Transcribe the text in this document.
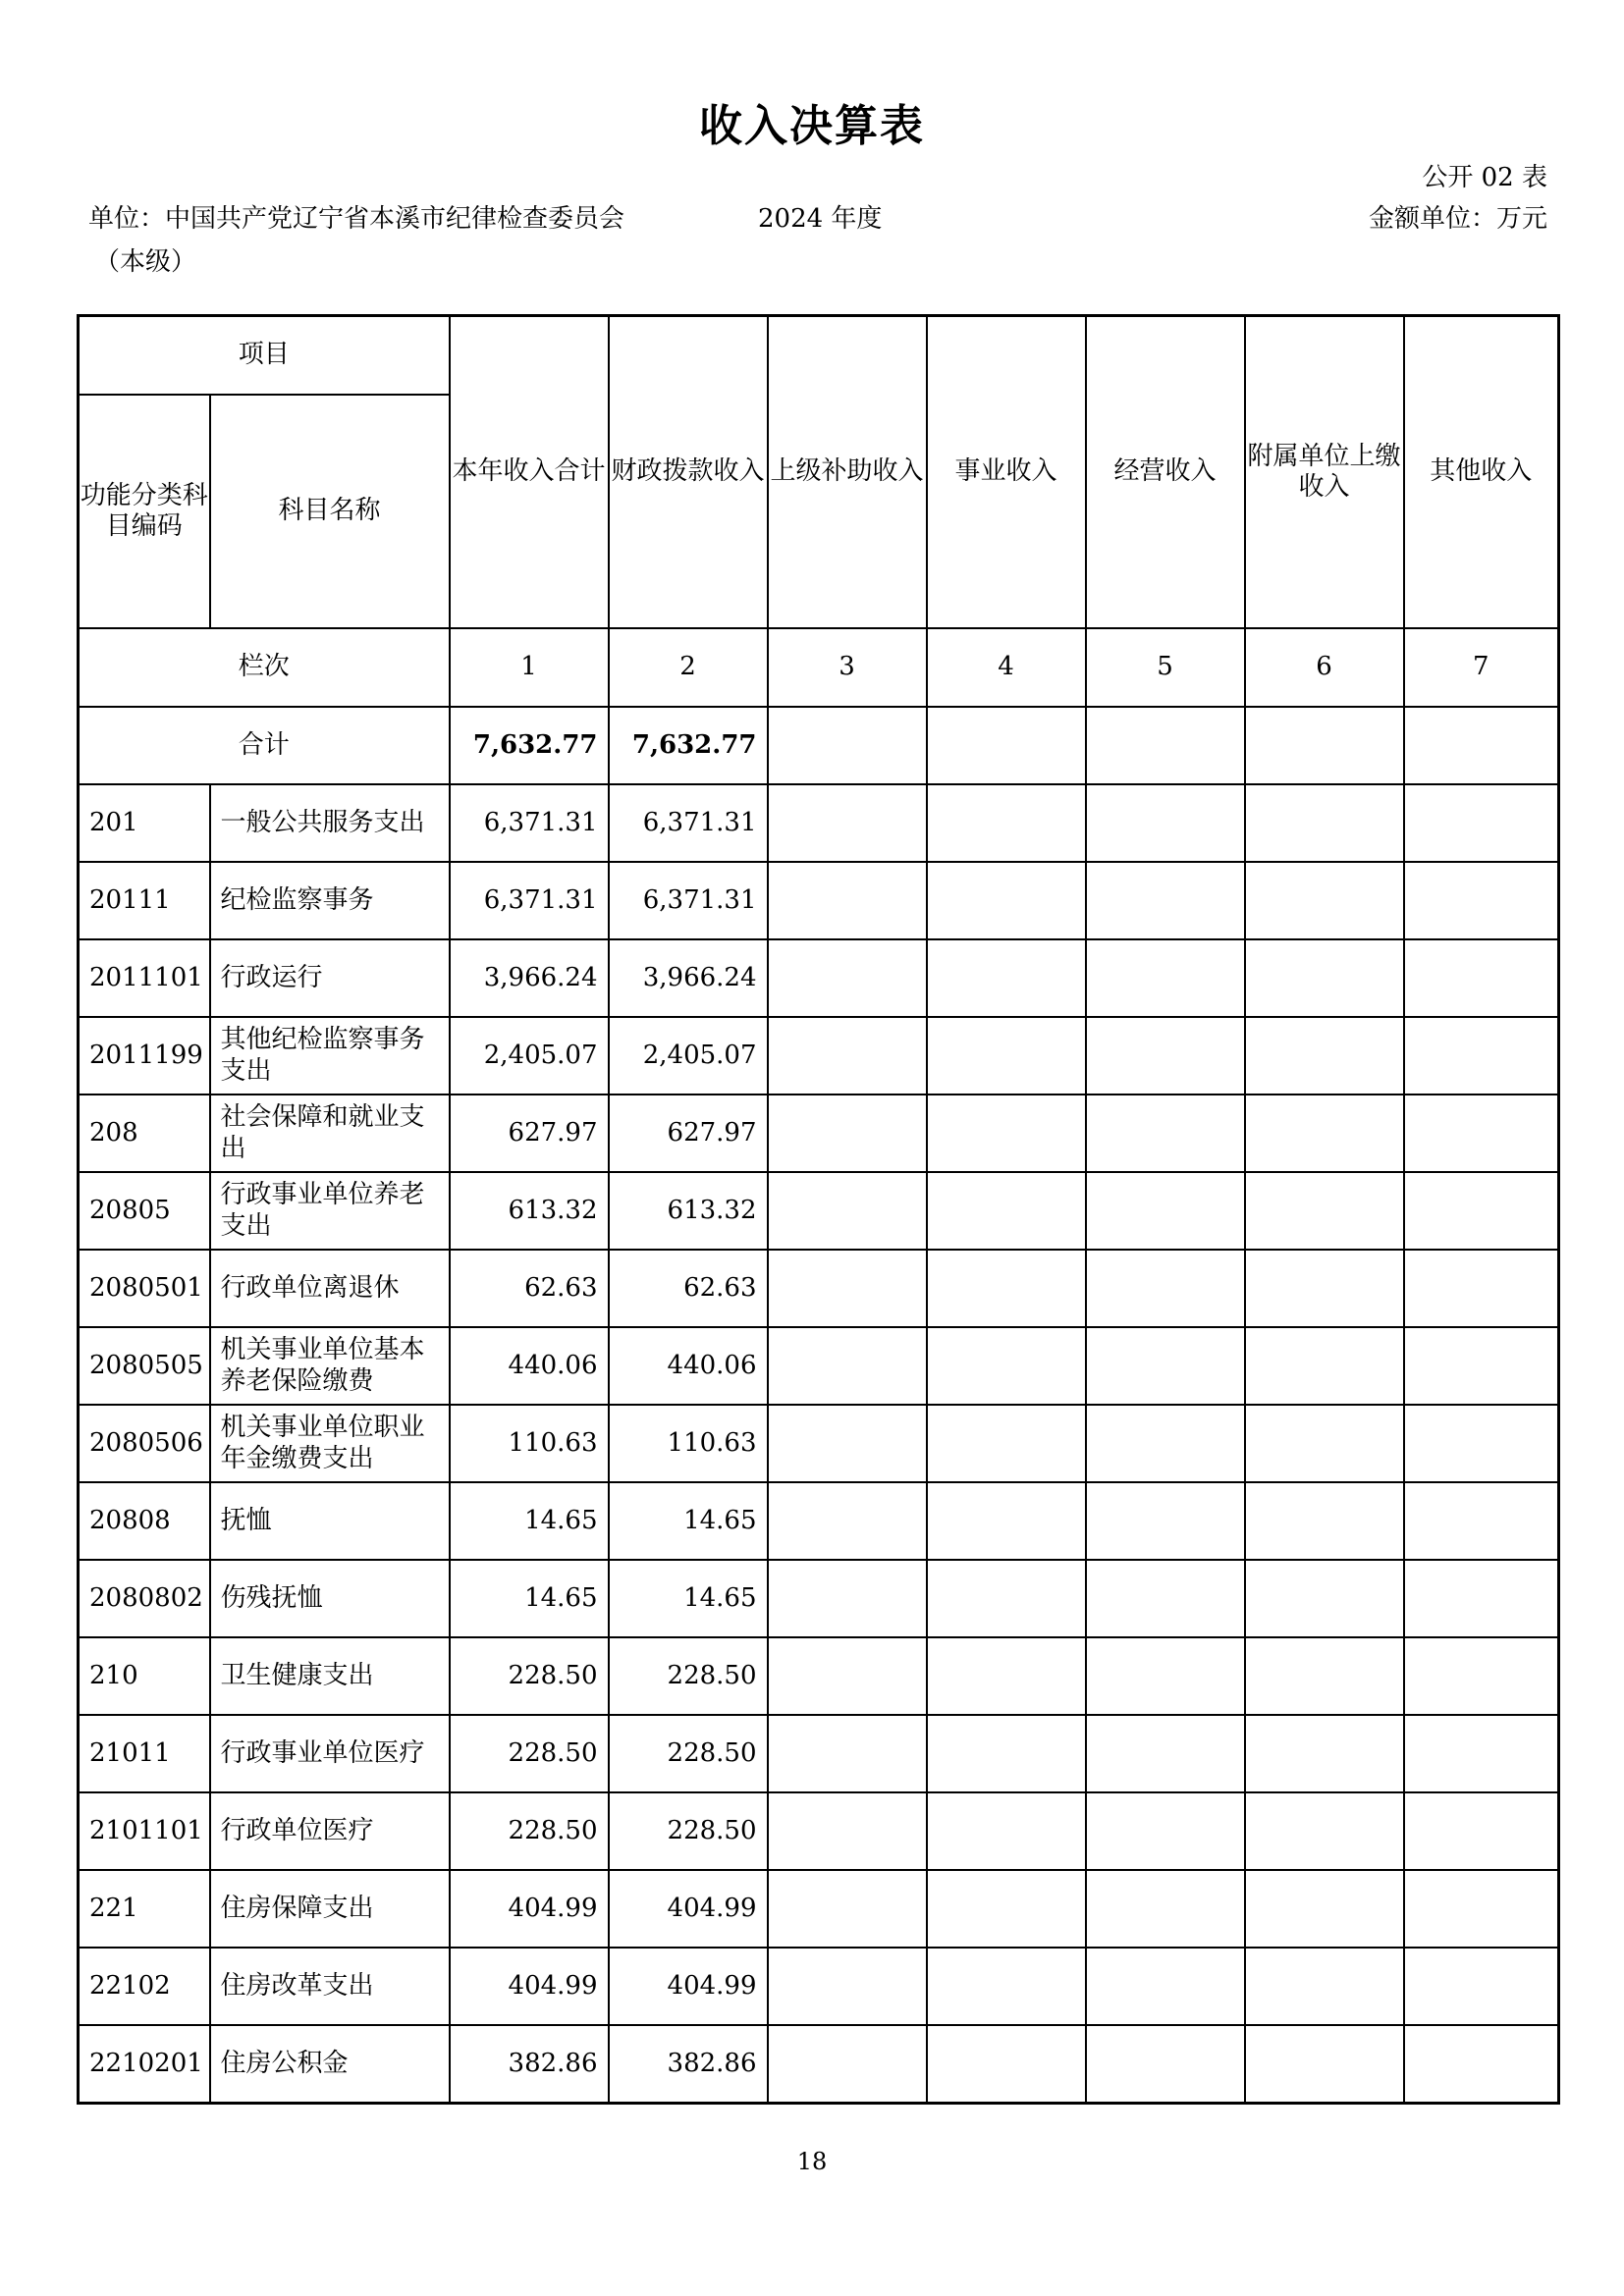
收入决算表
公开 02 表
单位：中国共产党辽宁省本溪市纪律检查委员会
（本级）
2024 年度	金额单位：万元
项目		本年收入合计	财政拨款收入	上级补助收入	事业收入	经营收入	附属单位上缴收入	其他收入
功能分类科目编码	科目名称							
栏次		1	2	3	4	5	6	7
合计		7,632.77	7,632.77					
201	一般公共服务支出	6,371.31	6,371.31					
20111	纪检监察事务	6,371.31	6,371.31					
2011101	行政运行	3,966.24	3,966.24					
2011199	其他纪检监察事务支出	2,405.07	2,405.07					
208	社会保障和就业支出	627.97	627.97					
20805	行政事业单位养老支出	613.32	613.32					
2080501	行政单位离退休	62.63	62.63					
2080505	机关事业单位基本养老保险缴费	440.06	440.06					
2080506	机关事业单位职业年金缴费支出	110.63	110.63					
20808	抚恤	14.65	14.65					
2080802	伤残抚恤	14.65	14.65					
210	卫生健康支出	228.50	228.50					
21011	行政事业单位医疗	228.50	228.50					
2101101	行政单位医疗	228.50	228.50					
221	住房保障支出	404.99	404.99					
22102	住房改革支出	404.99	404.99					
2210201	住房公积金	382.86	382.86					
18
